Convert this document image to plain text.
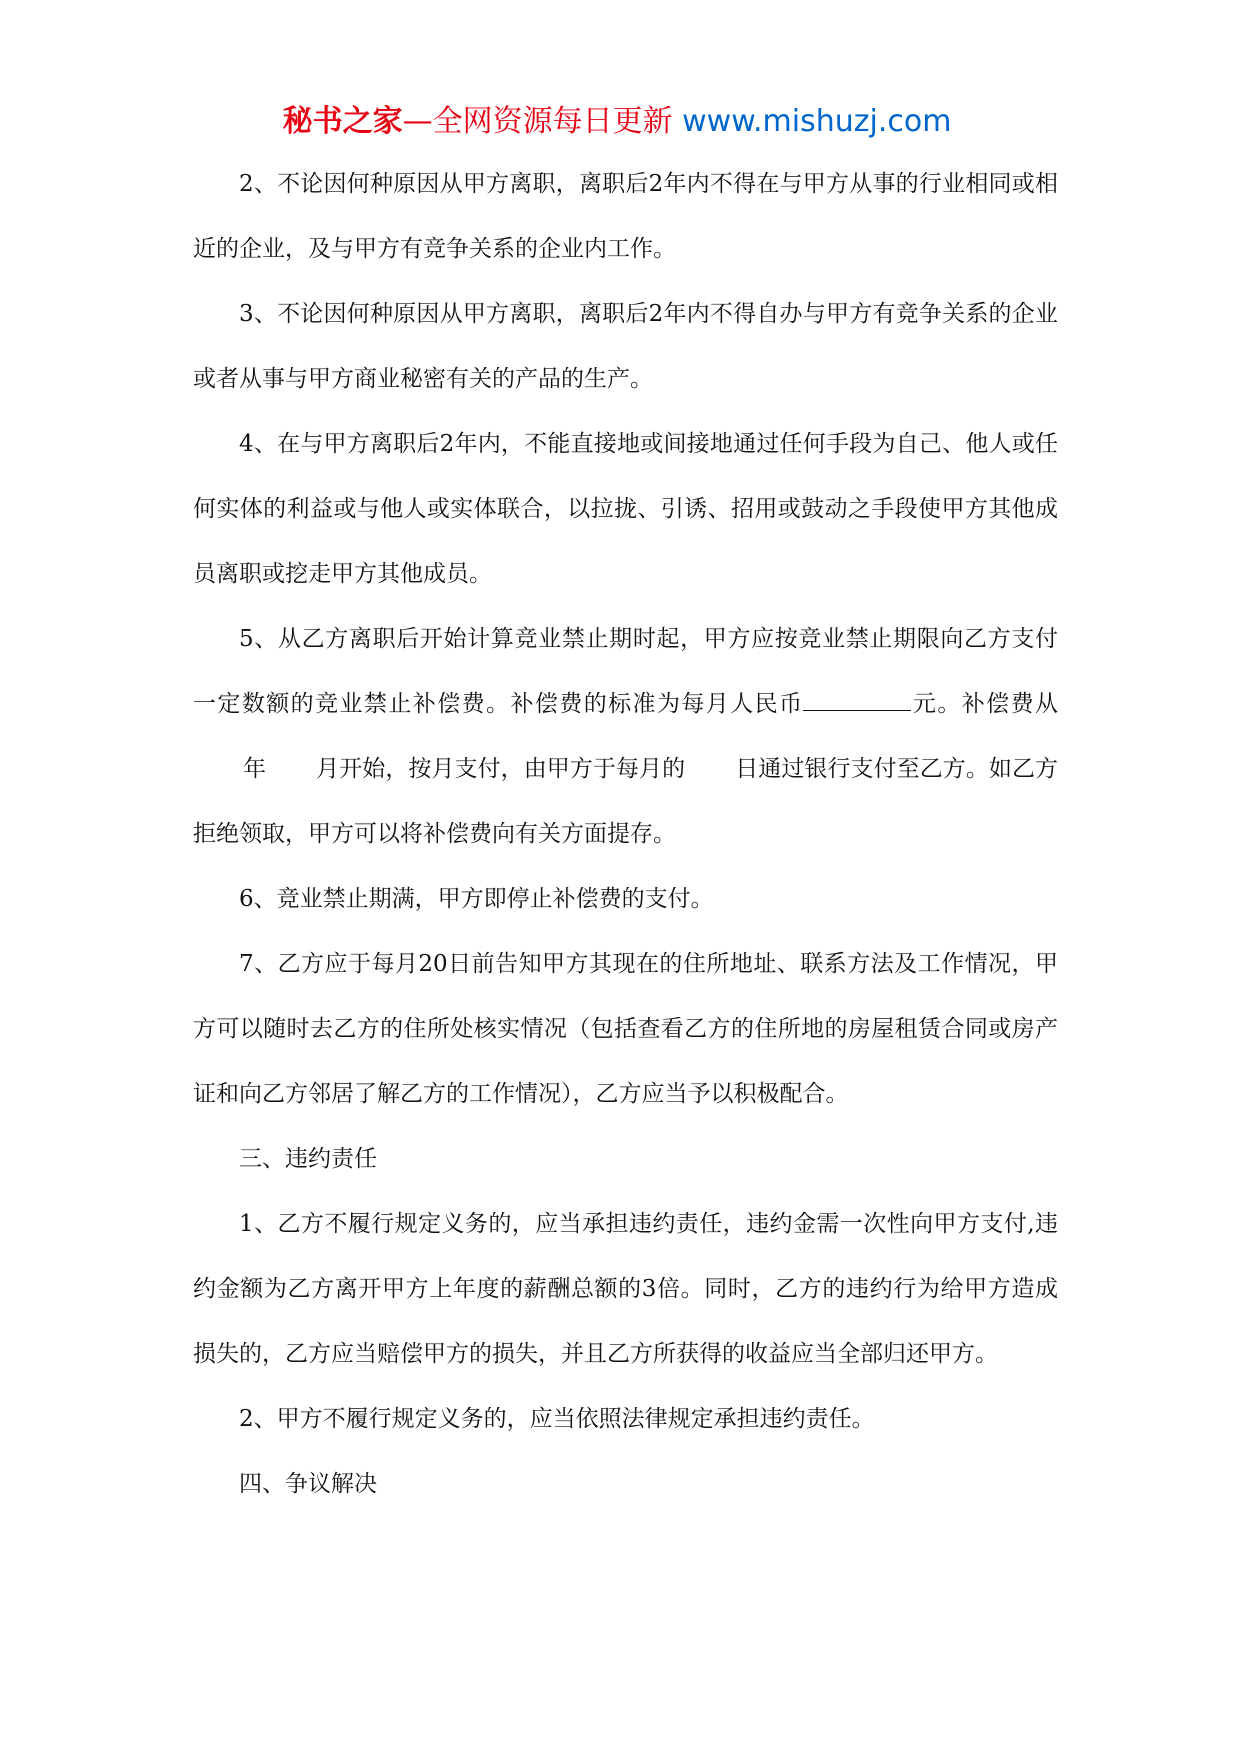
秘书之家—全网资源每日更新 www.mishuzj.com

2、不论因何种原因从甲方离职，离职后2年内不得在与甲方从事的行业相同或相近的企业，及与甲方有竞争关系的企业内工作。

3、不论因何种原因从甲方离职，离职后2年内不得自办与甲方有竞争关系的企业或者从事与甲方商业秘密有关的产品的生产。

4、在与甲方离职后2年内，不能直接地或间接地通过任何手段为自己、他人或任何实体的利益或与他人或实体联合，以拉拢、引诱、招用或鼓动之手段使甲方其他成员离职或挖走甲方其他成员。

5、从乙方离职后开始计算竞业禁止期时起，甲方应按竞业禁止期限向乙方支付一定数额的竞业禁止补偿费。补偿费的标准为每月人民币	元。补偿费从年 月开始，按月支付，由甲方于每月的 日通过银行支付至乙方。如乙方拒绝领取，甲方可以将补偿费向有关方面提存。

6、竞业禁止期满，甲方即停止补偿费的支付。

7、乙方应于每月20日前告知甲方其现在的住所地址、联系方法及工作情况，甲方可以随时去乙方的住所处核实情况（包括查看乙方的住所地的房屋租赁合同或房产证和向乙方邻居了解乙方的工作情况），乙方应当予以积极配合。

三、违约责任

1、乙方不履行规定义务的，应当承担违约责任，违约金需一次性向甲方支付,违约金额为乙方离开甲方上年度的薪酬总额的3倍。同时，乙方的违约行为给甲方造成损失的，乙方应当赔偿甲方的损失，并且乙方所获得的收益应当全部归还甲方。

2、甲方不履行规定义务的，应当依照法律规定承担违约责任。

四、争议解决
